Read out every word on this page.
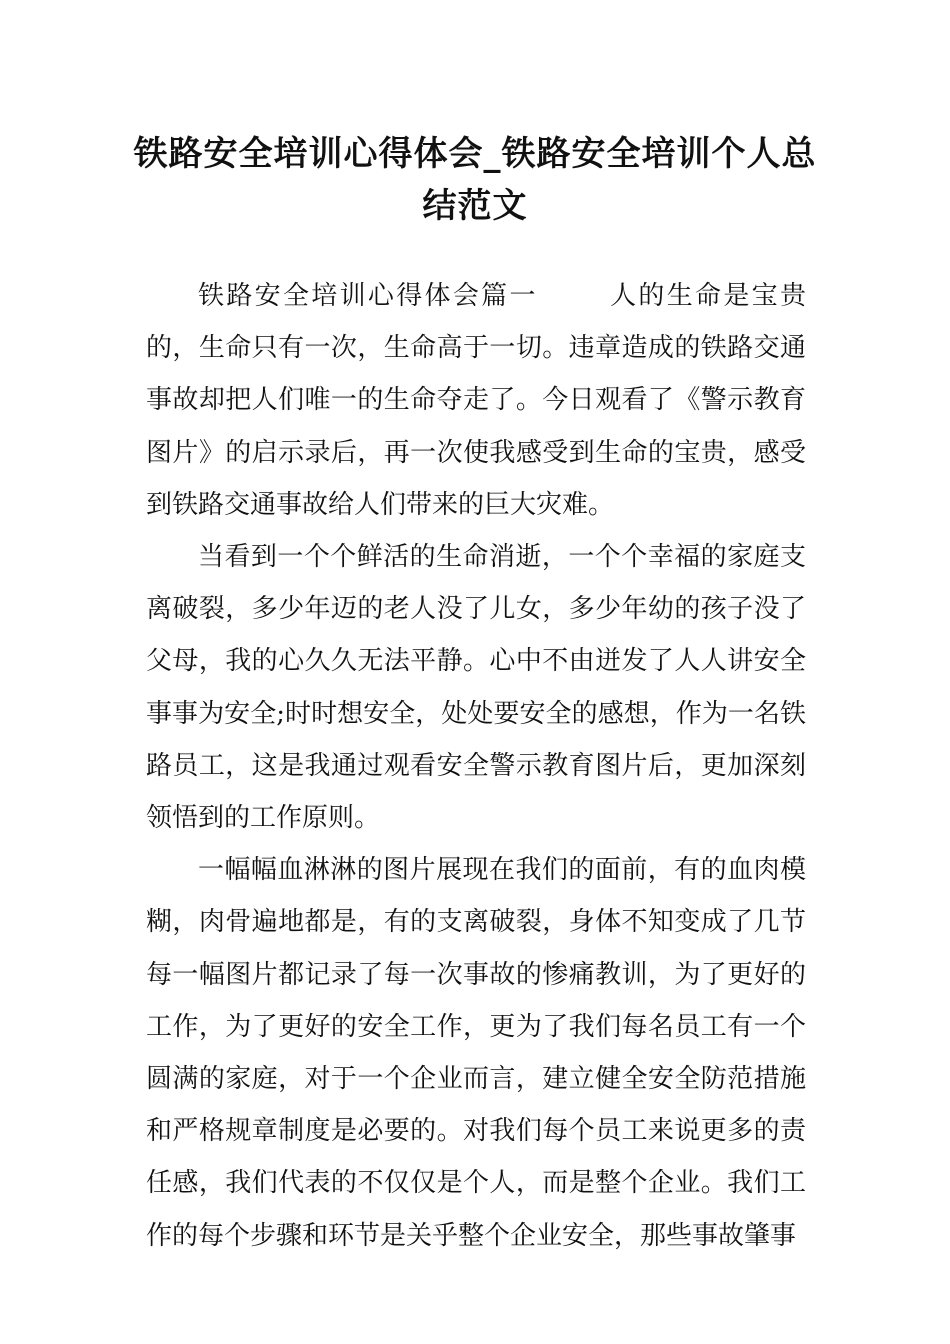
铁路安全培训心得体会_铁路安全培训个人总结范文

铁路安全培训心得体会篇一	人的生命是宝贵的，生命只有一次，生命高于一切。违章造成的铁路交通事故却把人们唯一的生命夺走了。今日观看了《警示教育图片》的启示录后，再一次使我感受到生命的宝贵，感受到铁路交通事故给人们带来的巨大灾难。

当看到一个个鲜活的生命消逝，一个个幸福的家庭支离破裂，多少年迈的老人没了儿女，多少年幼的孩子没了父母，我的心久久无法平静。心中不由迸发了人人讲安全事事为安全;时时想安全，处处要安全的感想，作为一名铁路员工，这是我通过观看安全警示教育图片后，更加深刻领悟到的工作原则。

一幅幅血淋淋的图片展现在我们的面前，有的血肉模糊，肉骨遍地都是，有的支离破裂，身体不知变成了几节每一幅图片都记录了每一次事故的惨痛教训，为了更好的工作，为了更好的安全工作，更为了我们每名员工有一个圆满的家庭，对于一个企业而言，建立健全安全防范措施和严格规章制度是必要的。对我们每个员工来说更多的责任感，我们代表的不仅仅是个人，而是整个企业。我们工作的每个步骤和环节是关乎整个企业安全，那些事故肇事
